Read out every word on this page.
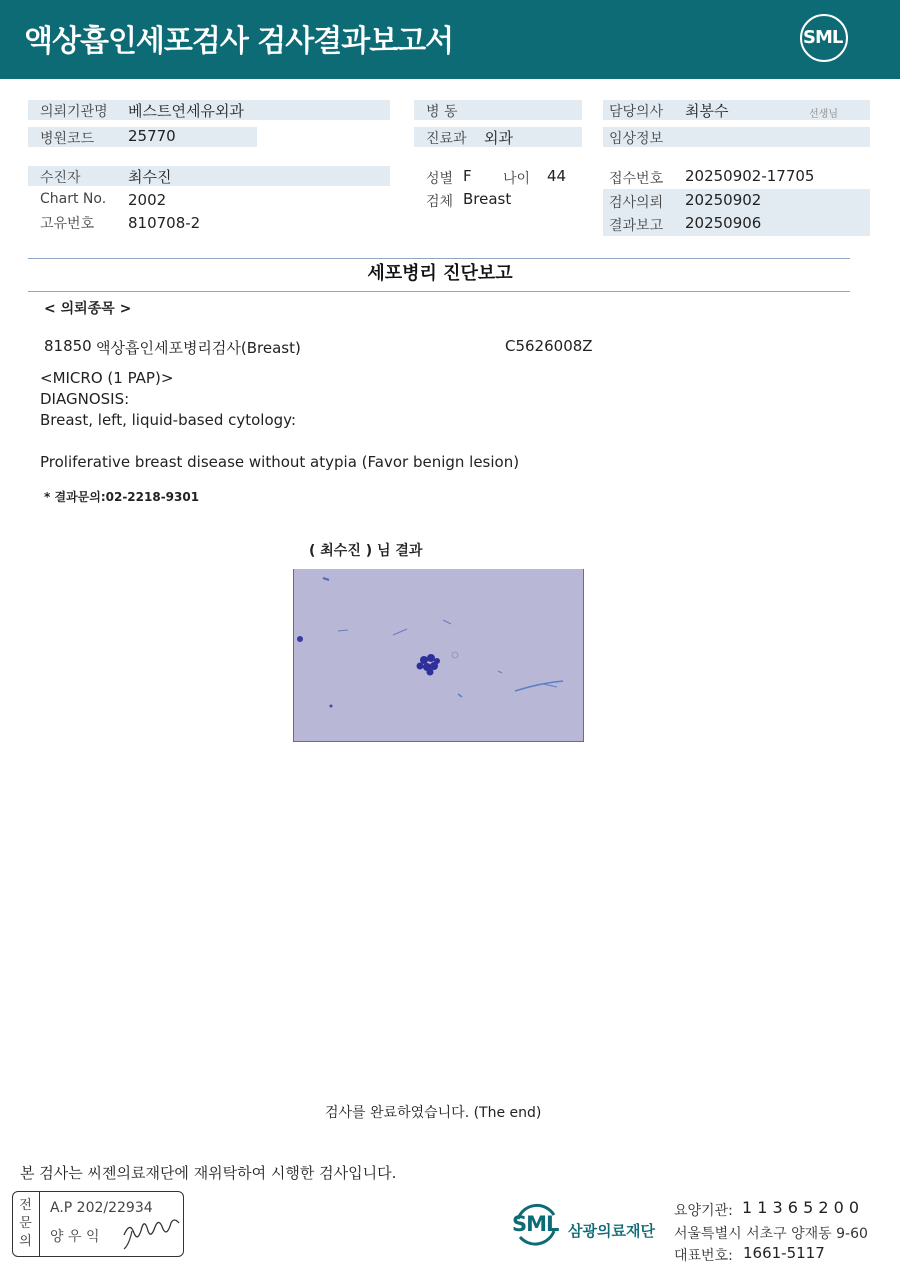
액상흡인세포검사 검사결과보고서	SML
의뢰기관명 베스트연세유외과
병원코드 25770
수진자	최수진
Chart No. 2002
고유번호 810708-2
병 동
진료과 외과
성별 F 나이 44
검체 Breast
담당의사 최봉수	선생님
임상정보
접수번호 20250902-17705
검사의뢰 20250902
결과보고 20250906
세포병리 진단보고
< 의뢰종목 >
81850 액상흡인세포병리검사(Breast)	C5626008Z
<MICRO (1 PAP)>
DIAGNOSIS:
Breast, left, liquid-based cytology:
Proliferative breast disease without atypia (Favor benign lesion)
* 결과문의:02-2218-9301
( 최수진 ) 님 결과
검사를 완료하였습니다. (The end)
본 검사는 씨젠의료재단에 재위탁하여 시행한 검사입니다.
전
문
의
A.P 202/22934
양 우 익
SML 삼광의료재단
요양기관: 1 1 3 6 5 2 0 0
서울특별시 서초구 양재동 9-60
대표번호: 1661-5117
